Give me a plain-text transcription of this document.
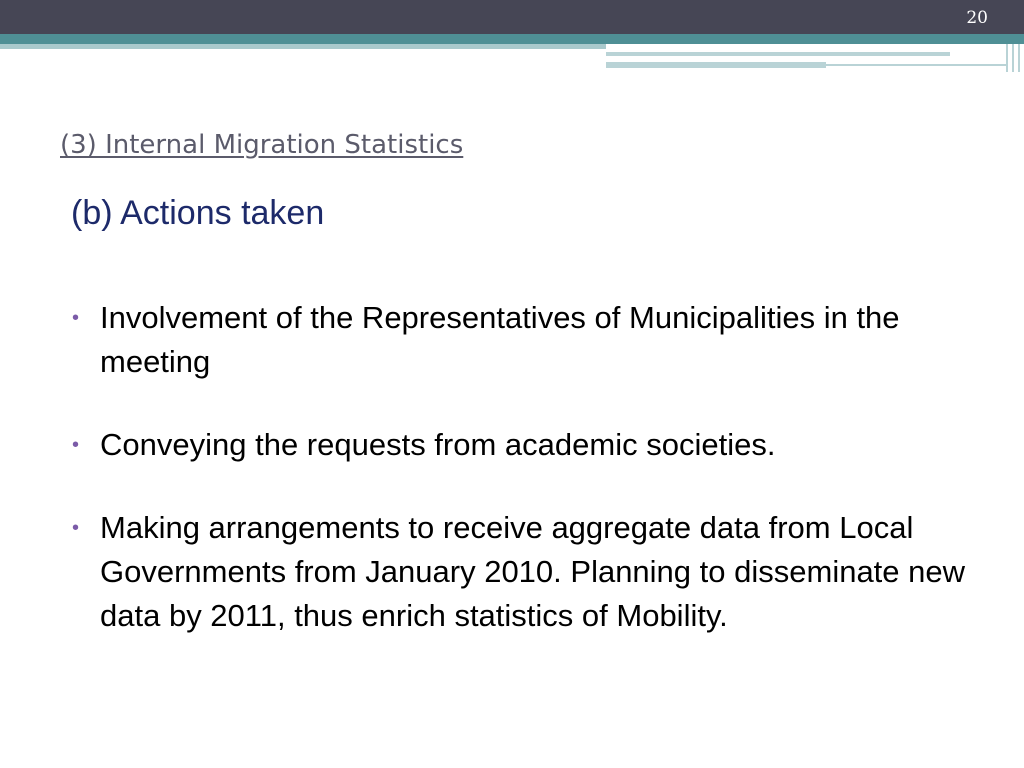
20
(3) Internal Migration Statistics
(b) Actions taken
• Involvement of the Representatives of Municipalities in the meeting
• Conveying the requests from academic societies.
• Making arrangements to receive aggregate data from Local Governments from January 2010. Planning to disseminate new data by 2011, thus enrich statistics of Mobility.
